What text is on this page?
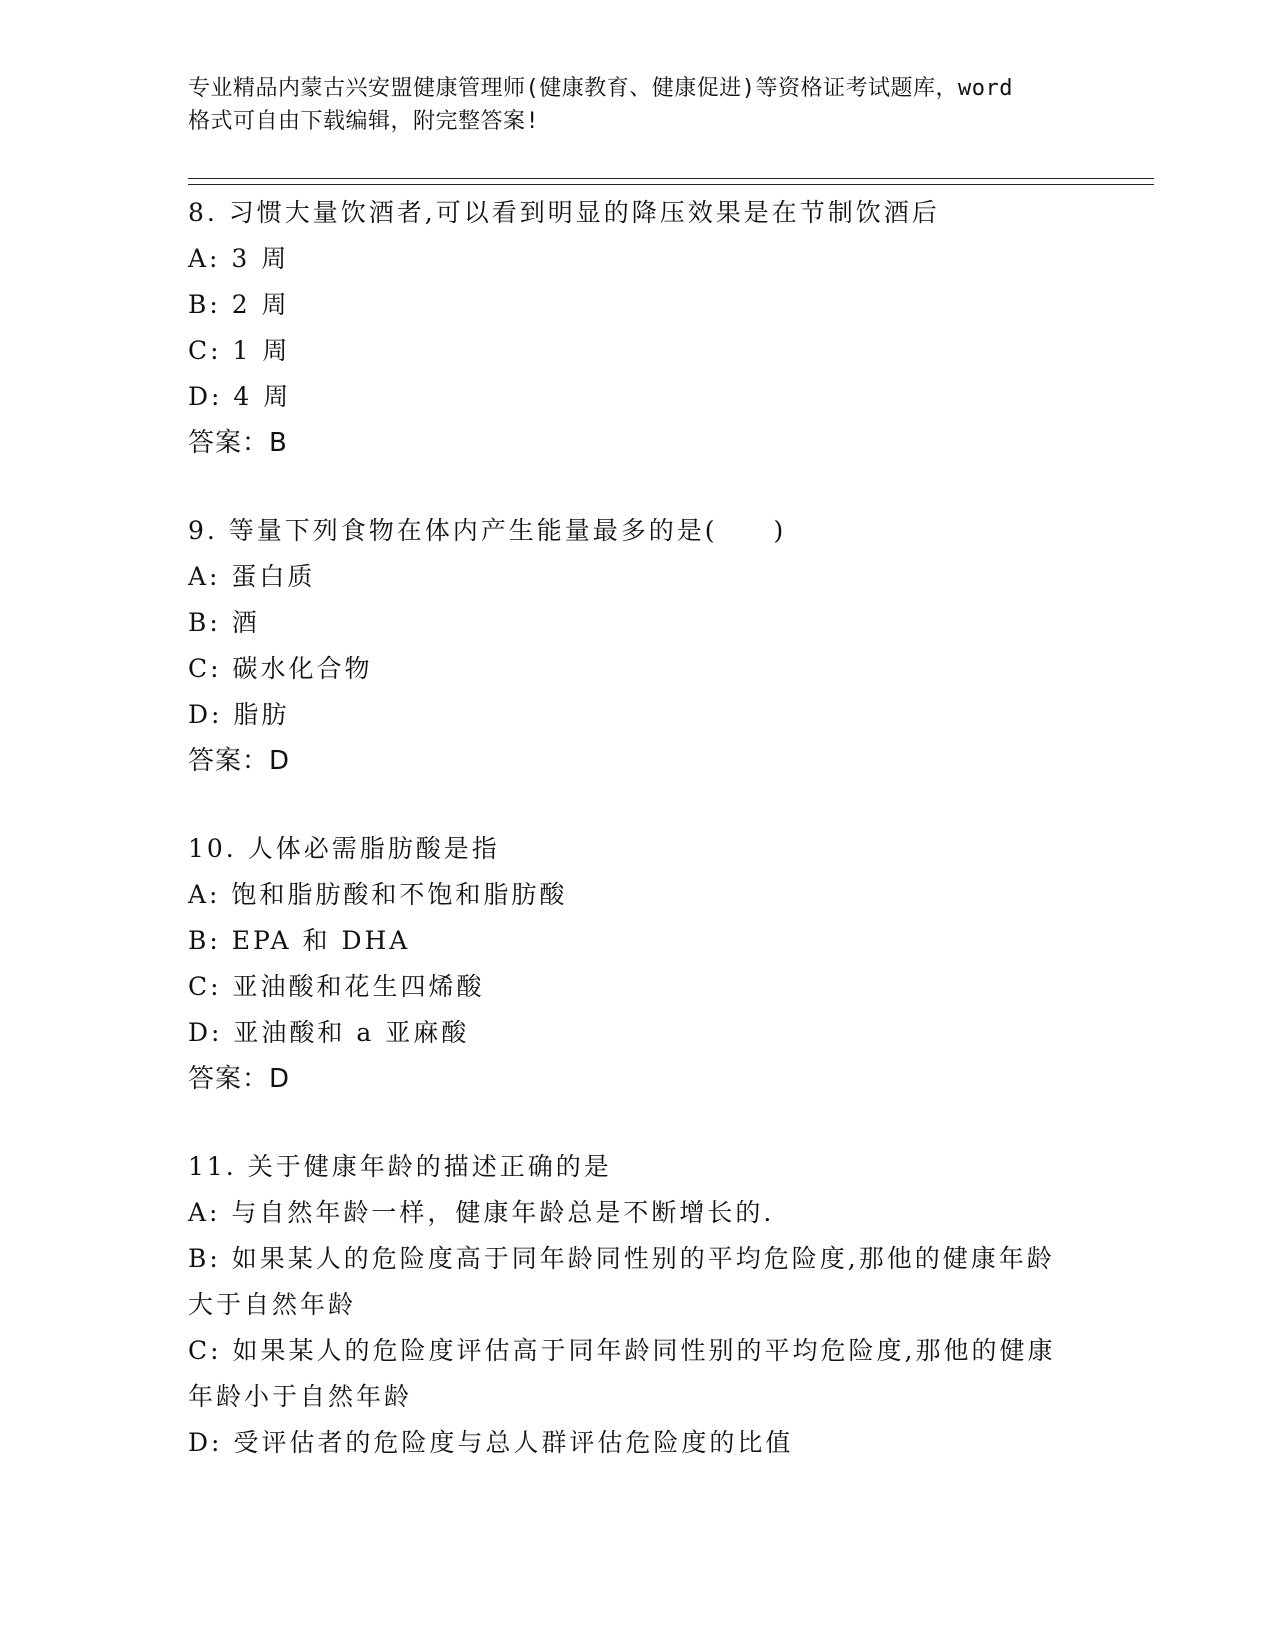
专业精品内蒙古兴安盟健康管理师(健康教育、健康促进)等资格证考试题库，word
格式可自由下载编辑，附完整答案!
8. 习惯大量饮酒者,可以看到明显的降压效果是在节制饮酒后
A: 3 周
B: 2 周
C: 1 周
D: 4 周
答案：B
9. 等量下列食物在体内产生能量最多的是(　　)
A: 蛋白质
B: 酒
C: 碳水化合物
D: 脂肪
答案：D
10. 人体必需脂肪酸是指
A: 饱和脂肪酸和不饱和脂肪酸
B: EPA 和 DHA
C: 亚油酸和花生四烯酸
D: 亚油酸和 a 亚麻酸
答案：D
11. 关于健康年龄的描述正确的是
A: 与自然年龄一样，健康年龄总是不断增长的.
B: 如果某人的危险度高于同年龄同性别的平均危险度,那他的健康年龄大于自然年龄
C: 如果某人的危险度评估高于同年龄同性别的平均危险度,那他的健康年龄小于自然年龄
D: 受评估者的危险度与总人群评估危险度的比值
